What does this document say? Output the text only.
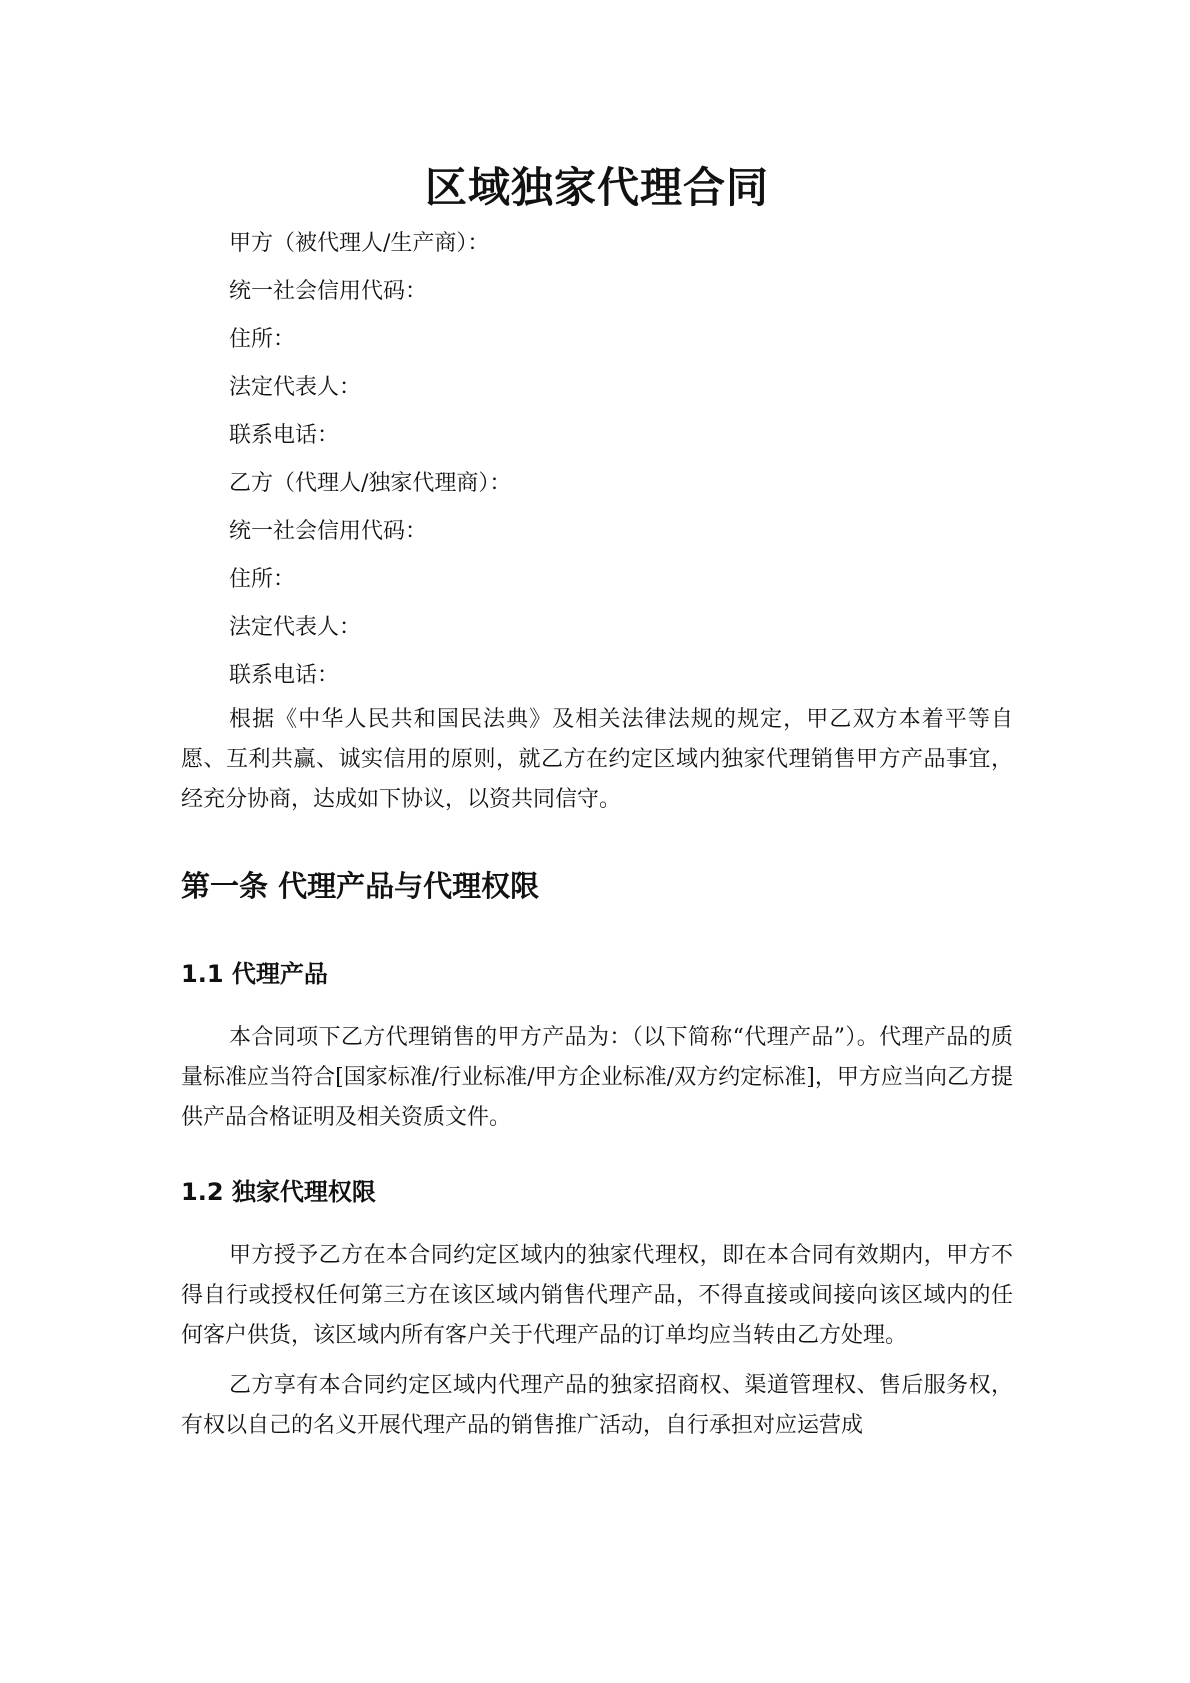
区域独家代理合同
甲方（被代理人/生产商）：
统一社会信用代码：
住所：
法定代表人：
联系电话：
乙方（代理人/独家代理商）：
统一社会信用代码：
住所：
法定代表人：
联系电话：

根据《中华人民共和国民法典》及相关法律法规的规定，甲乙双方本着平等自愿、互利共赢、诚实信用的原则，就乙方在约定区域内独家代理销售甲方产品事宜，经充分协商，达成如下协议，以资共同信守。

第一条 代理产品与代理权限
1.1 代理产品

本合同项下乙方代理销售的甲方产品为：（以下简称“代理产品”）。代理产品的质量标准应当符合[国家标准/行业标准/甲方企业标准/双方约定标准]，甲方应当向乙方提供产品合格证明及相关资质文件。

1.2 独家代理权限

甲方授予乙方在本合同约定区域内的独家代理权，即在本合同有效期内，甲方不得自行或授权任何第三方在该区域内销售代理产品，不得直接或间接向该区域内的任何客户供货，该区域内所有客户关于代理产品的订单均应当转由乙方处理。

乙方享有本合同约定区域内代理产品的独家招商权、渠道管理权、售后服务权，有权以自己的名义开展代理产品的销售推广活动，自行承担对应运营成
